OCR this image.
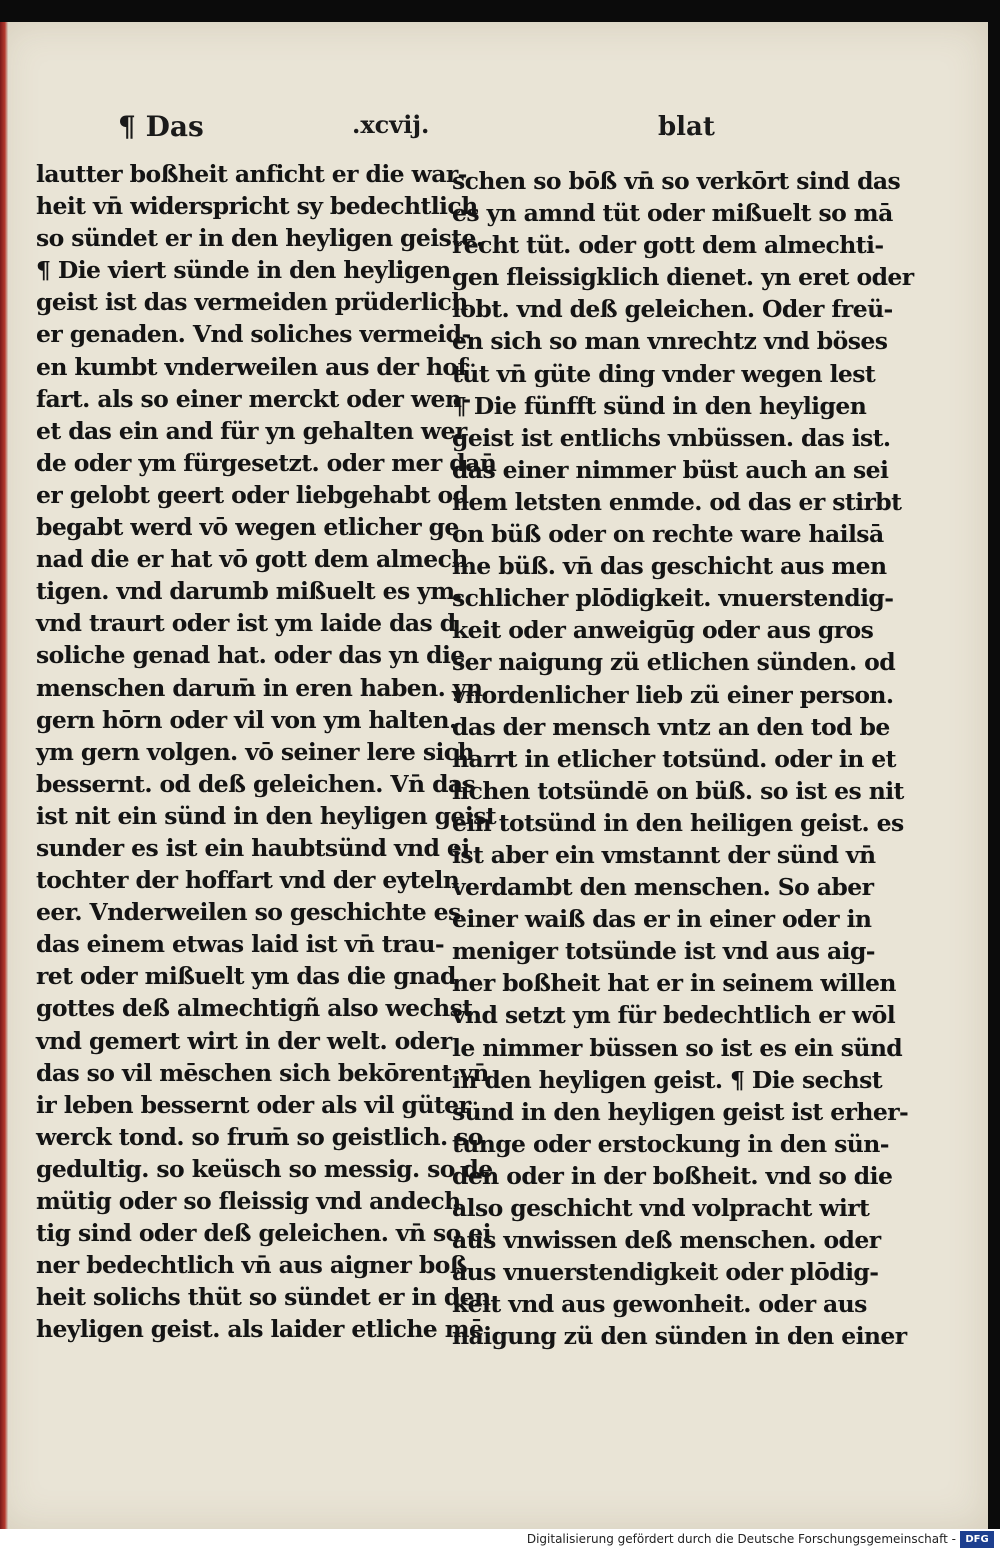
¶ Das	.xcvij.	blat
lautter boßheit anficht er die war-
heit vn̄ widerspricht sy bedechtlich
so sündet er in den heyligen geiste.
¶ Die viert sünde in den heyligen
geist ist das vermeiden prüderlich
er genaden. Vnd soliches vermeid-
en kumbt vnderweilen aus der hof
fart. als so einer merckt oder wen-
et das ein and für yn gehalten wer
de oder ym fürgesetzt. oder mer dan̄
er gelobt geert oder liebgehabt od
begabt werd vō wegen etlicher ge
nad die er hat vō gott dem almech
tigen. vnd darumb mißuelt es ym.
vnd traurt oder ist ym laide das d
soliche genad hat. oder das yn die
menschen darum̄ in eren haben. yn
gern hōrn oder vil von ym halten.
ym gern volgen. vō seiner lere sich
bessernt. od deß geleichen. Vn̄ das
ist nit ein sünd in den heyligen geist
sunder es ist ein haubtsünd vnd ei
tochter der hoffart vnd der eyteln
eer. Vnderweilen so geschichte es
das einem etwas laid ist vn̄ trau-
ret oder mißuelt ym das die gnad
gottes deß almechtigñ also wechst
vnd gemert wirt in der welt. oder
das so vil mēschen sich bekōrent vn̄
ir leben bessernt oder als vil güter
werck tond. so frum̄ so geistlich. so
gedultig. so keüsch so messig. so de
mütig oder so fleissig vnd andech
tig sind oder deß geleichen. vn̄ so ei
ner bedechtlich vn̄ aus aigner boß
heit solichs thüt so sündet er in den
heyligen geist. als laider etliche mē
schen so bōß vn̄ so verkōrt sind das
es yn amnd tüt oder mißuelt so mā
recht tüt. oder gott dem almechti-
gen fleissigklich dienet. yn eret oder
lobt. vnd deß geleichen. Oder freü-
en sich so man vnrechtz vnd böses
tüt vn̄ güte ding vnder wegen lest
¶ Die fünfft sünd in den heyligen
geist ist entlichs vnbüssen. das ist.
das einer nimmer büst auch an sei
nem letsten enmde. od das er stirbt
on büß oder on rechte ware hailsā
me büß. vn̄ das geschicht aus men
schlicher plōdigkeit. vnuerstendig-
keit oder anweigūg oder aus gros
ser naigung zü etlichen sünden. od
vnordenlicher lieb zü einer person.
das der mensch vntz an den tod be
harrt in etlicher totsünd. oder in et
lichen totsündē on büß. so ist es nit
ein totsünd in den heiligen geist. es
ist aber ein vmstannt der sünd vn̄
verdambt den menschen. So aber
einer waiß das er in einer oder in
meniger totsünde ist vnd aus aig-
ner boßheit hat er in seinem willen
vnd setzt ym für bedechtlich er wōl
le nimmer büssen so ist es ein sünd
in den heyligen geist. ¶ Die sechst
sünd in den heyligen geist ist erher-
tunge oder erstockung in den sün-
den oder in der boßheit. vnd so die
also geschicht vnd volpracht wirt
aus vnwissen deß menschen. oder
aus vnuerstendigkeit oder plōdig-
keit vnd aus gewonheit. oder aus
naigung zü den sünden in den einer
Digitalisierung gefördert durch die Deutsche Forschungsgemeinschaft - DFG
